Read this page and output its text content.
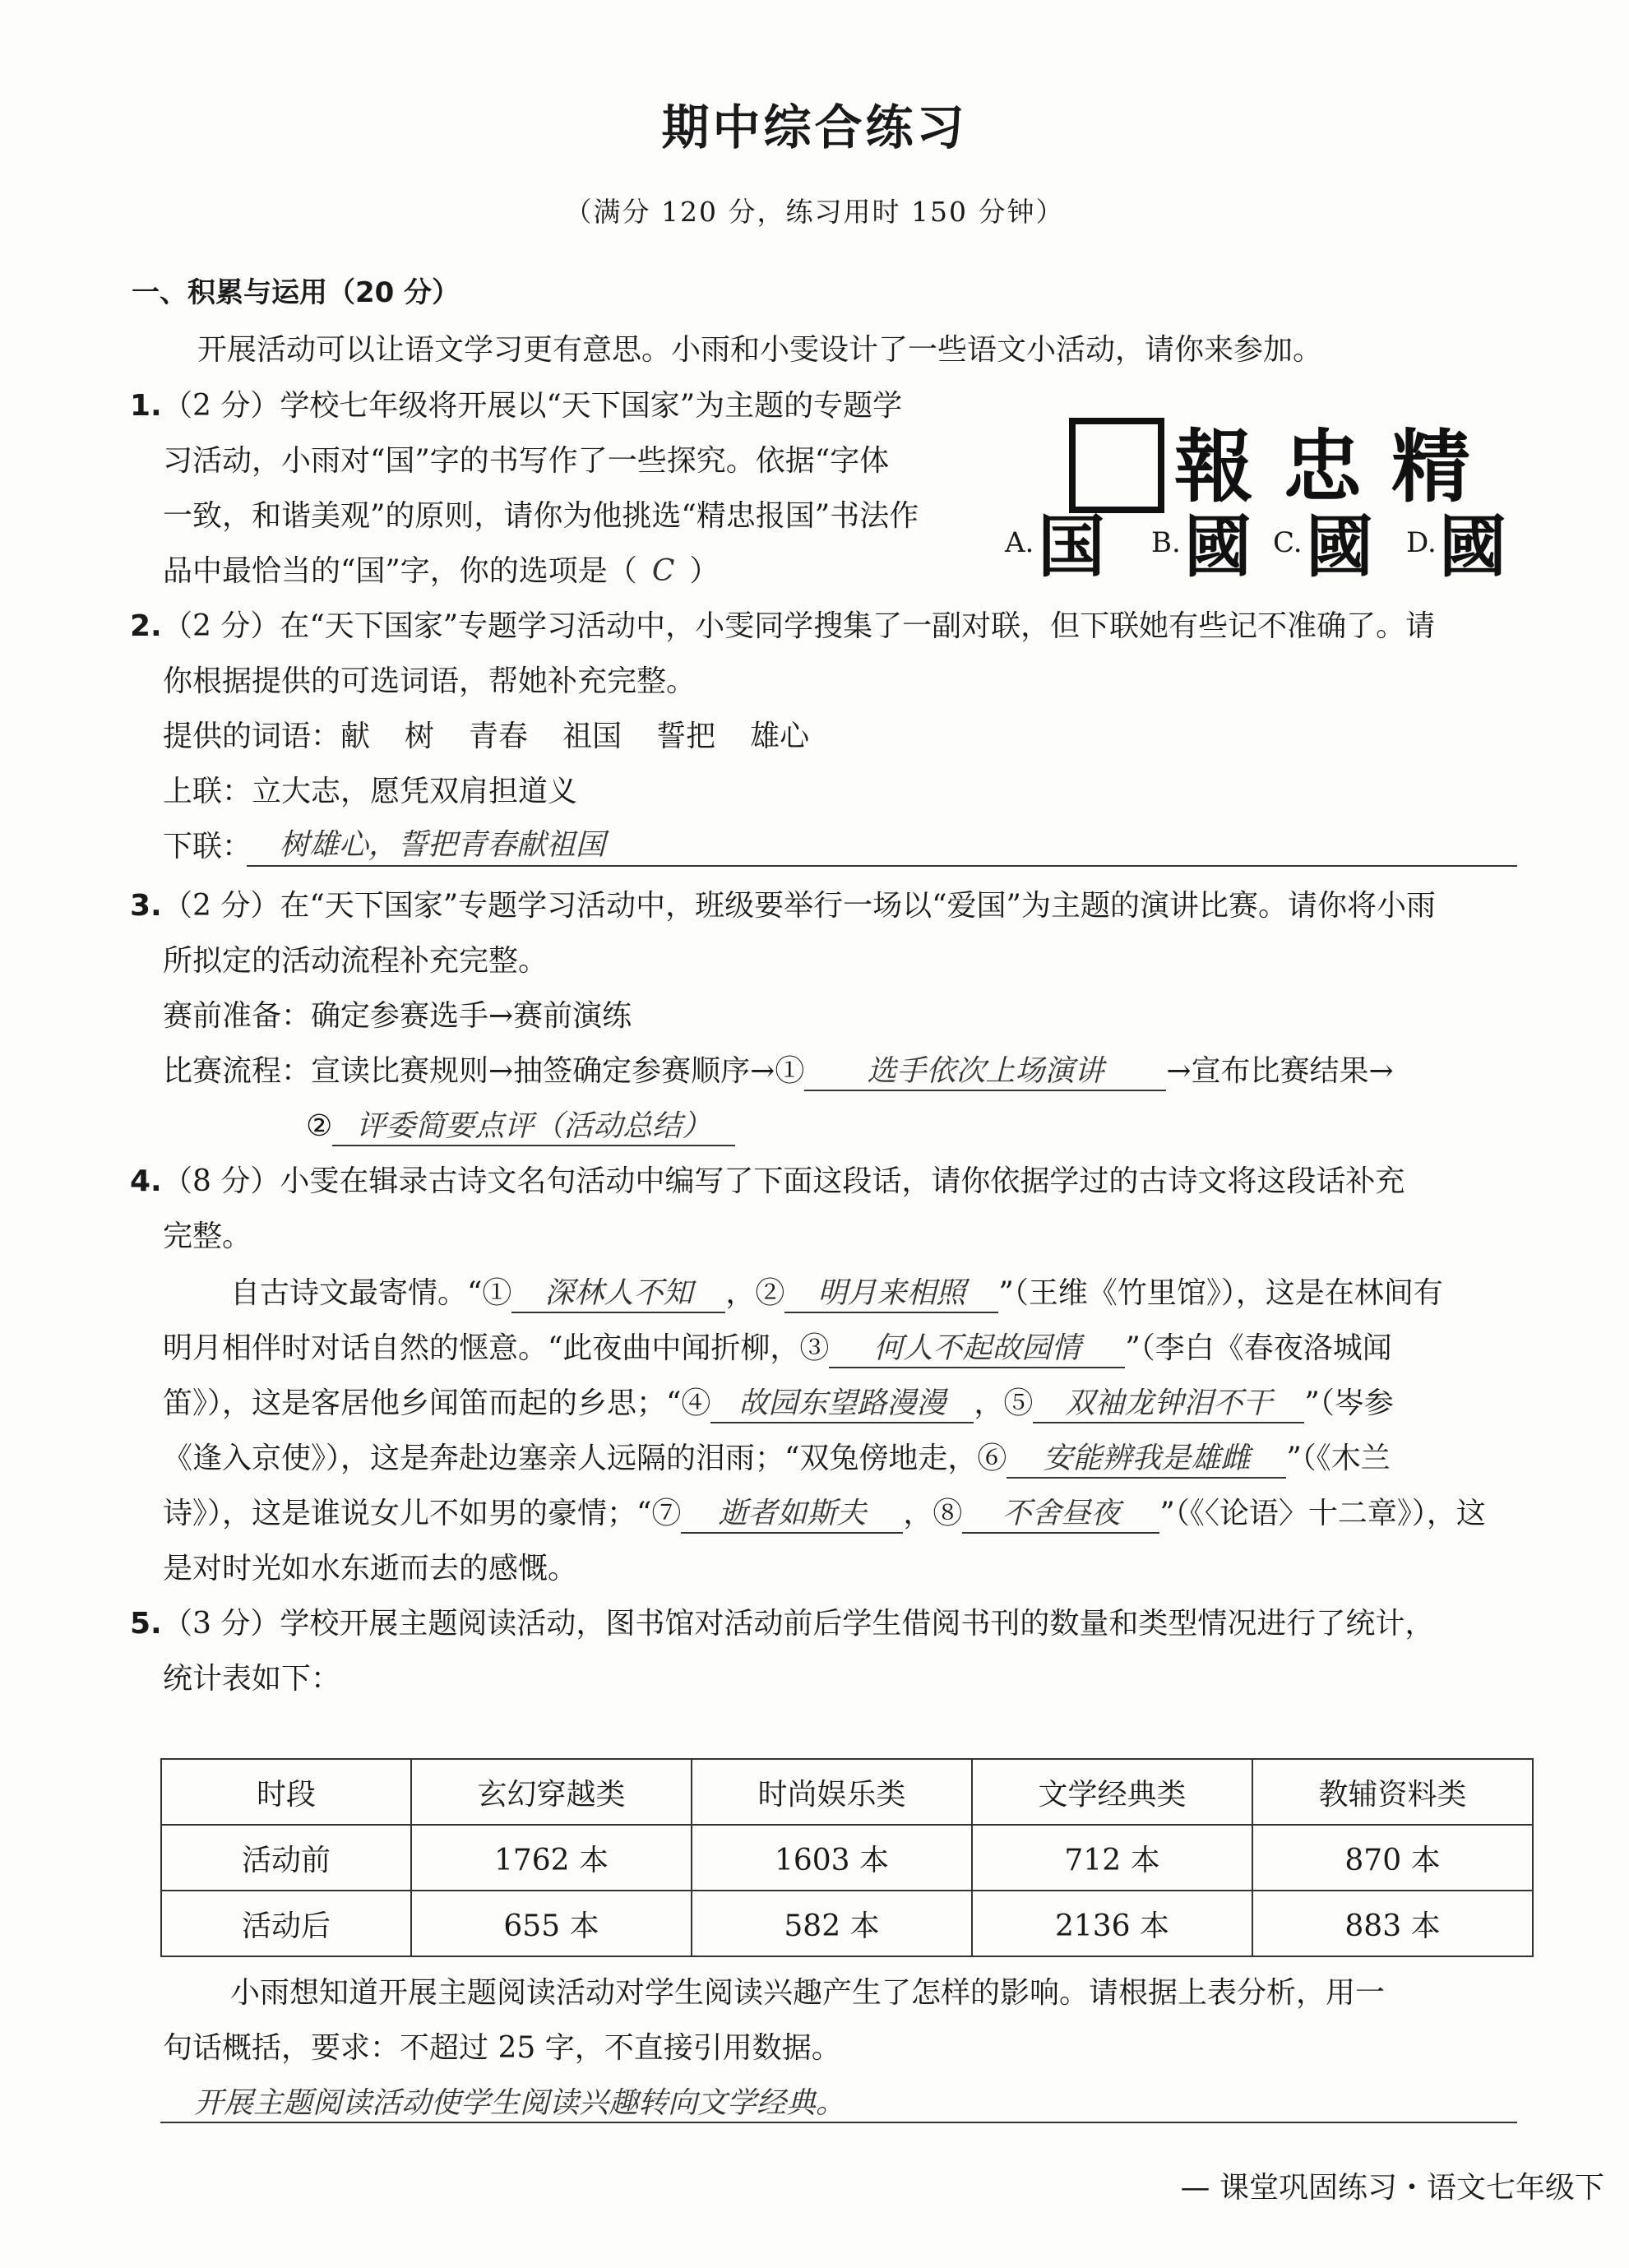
期中综合练习
（满分 120 分，练习用时 150 分钟）
一、积累与运用（20 分）
开展活动可以让语文学习更有意思。小雨和小雯设计了一些语文小活动，请你来参加。
1. （2 分）学校七年级将开展以“天下国家”为主题的专题学
习活动，小雨对“国”字的书写作了一些探究。依据“字体
一致，和谐美观”的原则，请你为他挑选“精忠报国”书法作
品中最恰当的“国”字，你的选项是（ C ）
報 忠 精
A. 国 B. 國 C. 國 D. 國
2. （2 分）在“天下国家”专题学习活动中，小雯同学搜集了一副对联，但下联她有些记不准确了。请
你根据提供的可选词语，帮她补充完整。
提供的词语：献 树 青春 祖国 誓把 雄心
上联：立大志，愿凭双肩担道义
下联： 树雄心，誓把青春献祖国
3. （2 分）在“天下国家”专题学习活动中，班级要举行一场以“爱国”为主题的演讲比赛。请你将小雨
所拟定的活动流程补充完整。
赛前准备：确定参赛选手→赛前演练
比赛流程：宣读比赛规则→抽签确定参赛顺序→① 选手依次上场演讲 →宣布比赛结果→
② 评委简要点评（活动总结）
4. （8 分）小雯在辑录古诗文名句活动中编写了下面这段话，请你依据学过的古诗文将这段话补充
完整。
自古诗文最寄情。“① 深林人不知 ，② 明月来相照 ”（王维《竹里馆》），这是在林间有
明月相伴时对话自然的惬意。“此夜曲中闻折柳，③ 何人不起故园情 ”（李白《春夜洛城闻
笛》），这是客居他乡闻笛而起的乡思；“④ 故园东望路漫漫 ，⑤ 双袖龙钟泪不干 ”（岑参
《逢入京使》），这是奔赴边塞亲人远隔的泪雨；“双兔傍地走，⑥ 安能辨我是雄雌 ”（《木兰
诗》），这是谁说女儿不如男的豪情；“⑦ 逝者如斯夫 ，⑧ 不舍昼夜 ”（《〈论语〉十二章》），这
是对时光如水东逝而去的感慨。
5. （3 分）学校开展主题阅读活动，图书馆对活动前后学生借阅书刊的数量和类型情况进行了统计，
统计表如下：
时段	玄幻穿越类	时尚娱乐类	文学经典类	教辅资料类
活动前	1762 本	1603 本	712 本	870 本
活动后	655 本	582 本	2136 本	883 本
小雨想知道开展主题阅读活动对学生阅读兴趣产生了怎样的影响。请根据上表分析，用一
句话概括，要求：不超过 25 字，不直接引用数据。
开展主题阅读活动使学生阅读兴趣转向文学经典。
— 课堂巩固练习・语文七年级下
